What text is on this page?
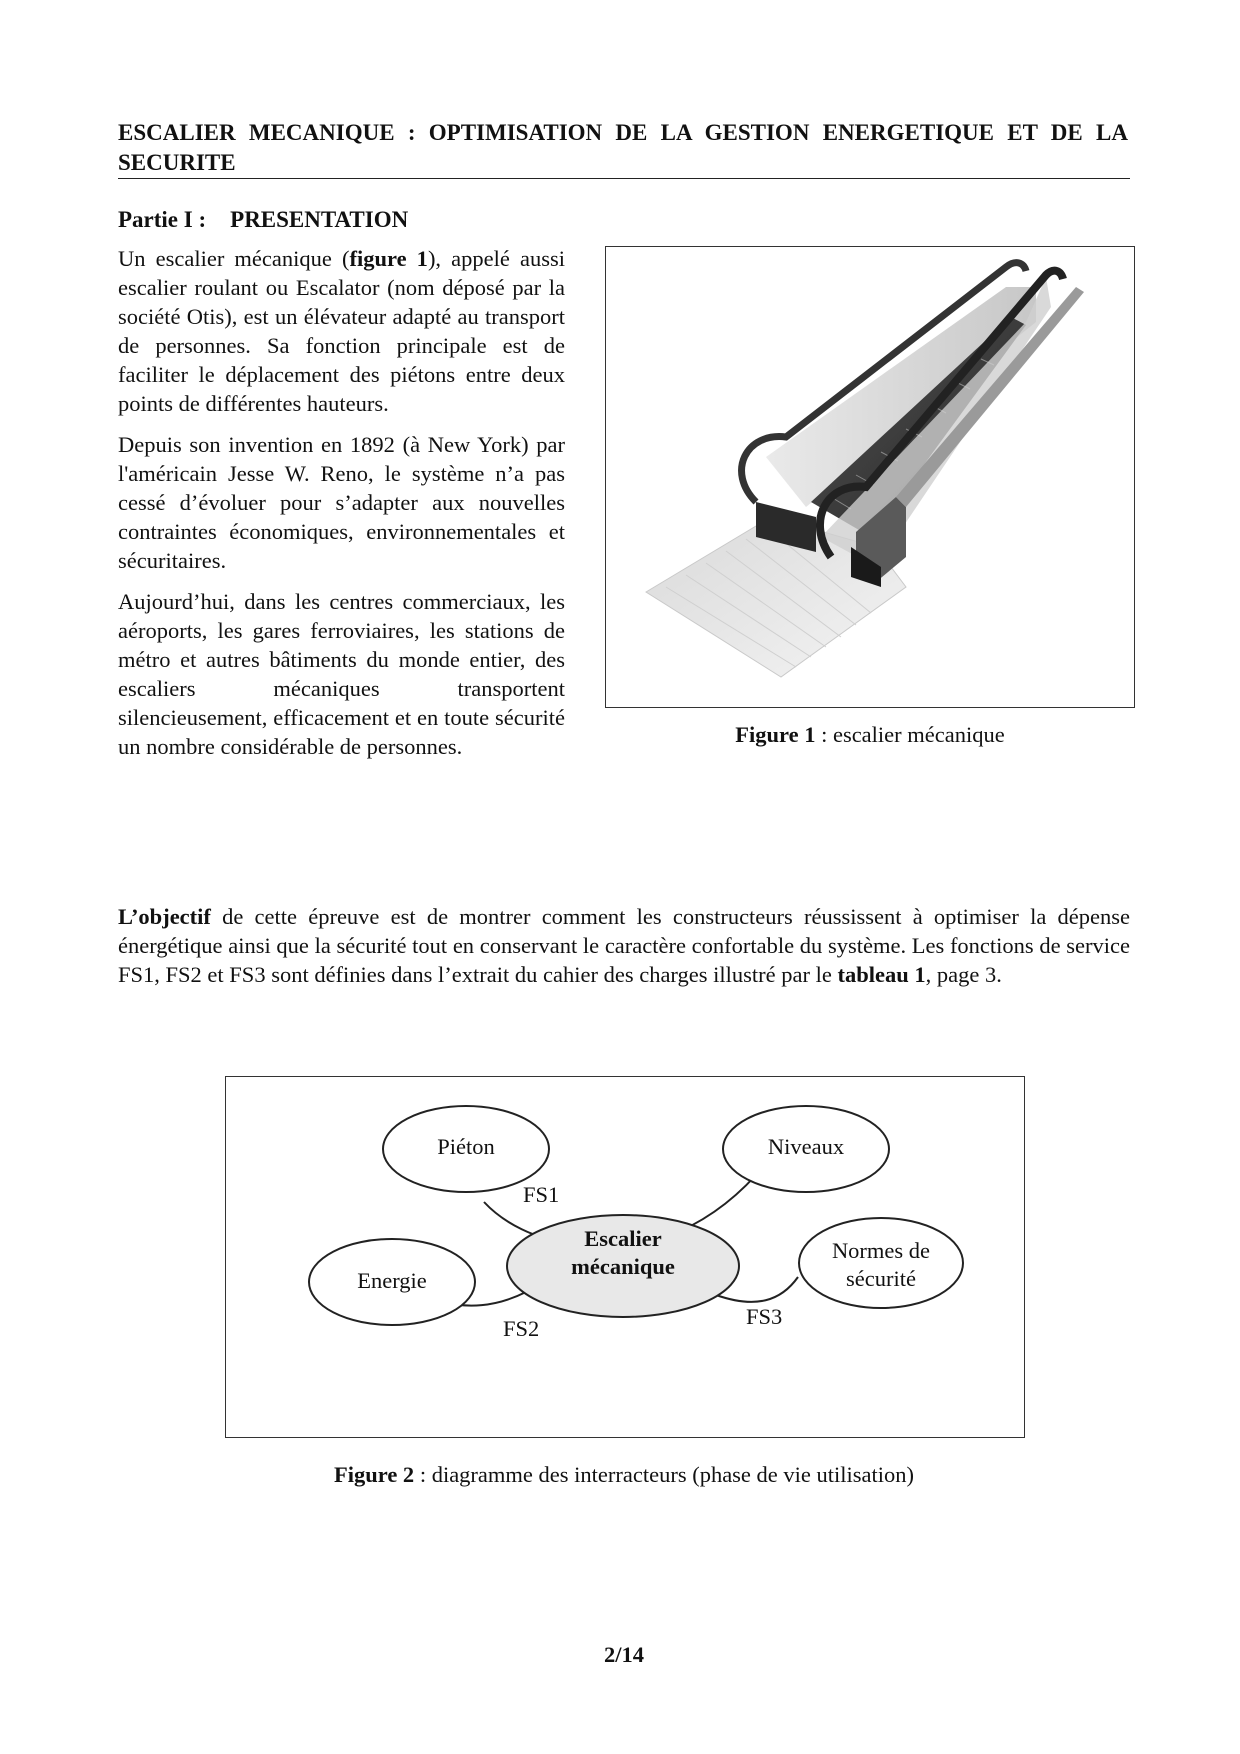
ESCALIER MECANIQUE : OPTIMISATION DE LA GESTION ENERGETIQUE ET DE LA SECURITE
Partie I : PRESENTATION

Un escalier mécanique (figure 1), appelé aussi escalier roulant ou Escalator (nom déposé par la société Otis), est un élévateur adapté au transport de personnes. Sa fonction principale est de faciliter le déplacement des piétons entre deux points de différentes hauteurs.

Depuis son invention en 1892 (à New York) par l'américain Jesse W. Reno, le système n’a pas cessé d’évoluer pour s’adapter aux nouvelles contraintes économiques, environnementales et sécuritaires.

Aujourd’hui, dans les centres commerciaux, les aéroports, les gares ferroviaires, les stations de métro et autres bâtiments du monde entier, des escaliers mécaniques transportent silencieusement, efficacement et en toute sécurité un nombre considérable de personnes.	Figure 1 : escalier mécanique

L’objectif de cette épreuve est de montrer comment les constructeurs réussissent à optimiser la dépense énergétique ainsi que la sécurité tout en conservant le caractère confortable du système. Les fonctions de service FS1, FS2 et FS3 sont définies dans l’extrait du cahier des charges illustré par le tableau 1, page 3.

Piéton	Niveaux
Escalier
mécanique
Energie
Normes de
sécurité
FS1
FS2	FS3
Figure 2 : diagramme des interracteurs (phase de vie utilisation)
2/14
